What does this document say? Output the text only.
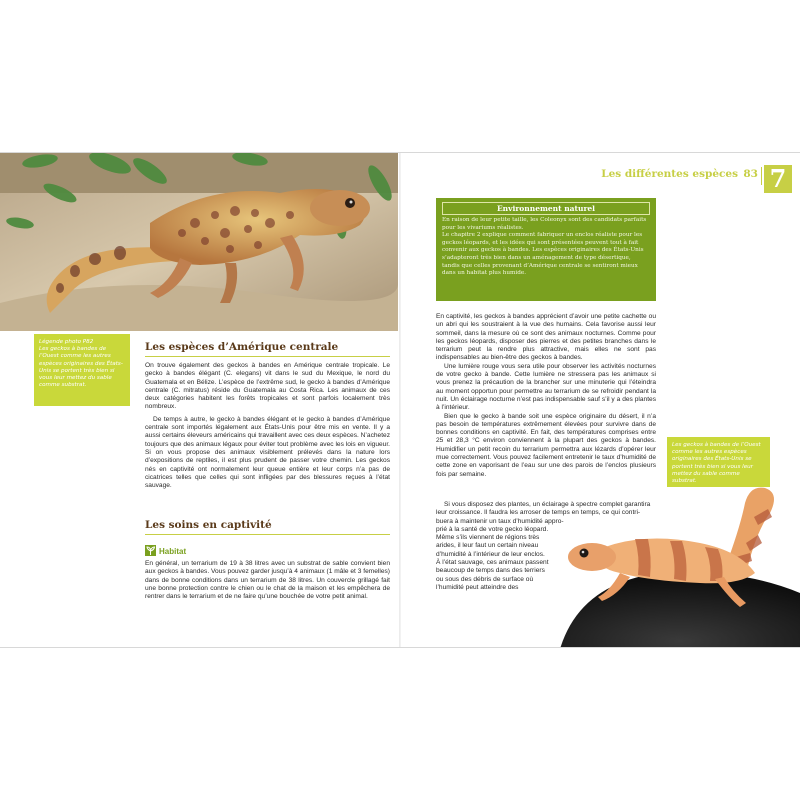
Légende photo P82
Les geckos à bandes de l’Ouest comme les autres espèces originaires des États-Unis se portent très bien si vous leur mettez du sable comme substrat.
Les espèces d’Amérique centrale

On trouve également des geckos à bandes en Amérique centrale tropicale. Le gecko à bandes élégant (C. elegans) vit dans le sud du Mexique, le nord du Guatemala et en Bélize. L’espèce de l’extrême sud, le gecko à bandes d’Amérique centrale (C. mitratus) réside du Guatemala au Costa Rica. Les animaux de ces deux catégories habitent les forêts tropicales et sont parfois localement très nombreux.

De temps à autre, le gecko à bandes élégant et le gecko à bandes d’Amérique centrale sont importés légalement aux États-Unis pour être mis en vente. Il y a aussi certains éleveurs américains qui travaillent avec ces deux espèces. N’achetez toujours que des animaux légaux pour éviter tout problème avec les lois en vigueur. Si on vous propose des animaux visiblement prélevés dans la nature lors d’expositions de reptiles, il est plus prudent de passer votre chemin. Les geckos nés en captivité ont normalement leur queue entière et leur corps n’a pas de cicatrices telles que celles qui sont infligées par des blessures reçues à l’état sauvage.

Les soins en captivité
Habitat

En général, un terrarium de 19 à 38 litres avec un substrat de sable convient bien aux geckos à bandes. Vous pouvez garder jusqu’à 4 animaux (1 mâle et 3 femelles) dans de bonne conditions dans un terrarium de 38 litres. Un couvercle grillagé fait une bonne protection contre le chien ou le chat de la maison et les empêchera de rentrer dans le terrarium et de ne faire qu’une bouchée de votre petit animal.

Les différentes espèces 83 7
Environnement naturel

En raison de leur petite taille, les Coleonyx sont des candidats parfaits pour les vivariums réalistes.

Le chapitre 2 explique comment fabriquer un enclos réaliste pour les geckos léopards, et les idées qui sont présentées peuvent tout à fait convenir aux geckos à bandes. Les espèces originaires des États-Unis s’adapteront très bien dans un aménagement de type désertique, tandis que celles provenant d’Amérique centrale se sentiront mieux dans un habitat plus humide.

En captivité, les geckos à bandes apprécient d’avoir une petite cachette ou un abri qui les soustraient à la vue des humains. Cela favorise aussi leur sommeil, dans la mesure où ce sont des animaux nocturnes. Comme pour les geckos léopards, disposer des pierres et des petites branches dans le terrarium peut la rendre plus attractive, mais elles ne sont pas indispensables au bien-être des geckos à bandes.

Une lumière rouge vous sera utile pour observer les activités nocturnes de votre gecko à bande. Cette lumière ne stressera pas les animaux si vous prenez la précaution de la brancher sur une minuterie qui l’éteindra au moment opportun pour permettre au terrarium de se refroidir pendant la nuit. Un éclairage nocturne n’est pas indispensable sauf s’il y a des plantes à l’intérieur.

Bien que le gecko à bande soit une espèce originaire du désert, il n’a pas besoin de températures extrêmement élevées pour survivre dans de bonnes conditions en captivité. En fait, des températures comprises entre 25 et 28,3 °C environ conviennent à la plupart des geckos à bandes. Humidifier un petit recoin du terrarium permettra aux lézards d’opérer leur mue correctement. Vous pouvez facilement entretenir le taux d’humidité de cette zone en vaporisant de l’eau sur une des parois de l’enclos plusieurs fois par semaine.

Les geckos à bandes de l’Ouest comme les autres espèces originaires des États-Unis se portent très bien si vous leur mettez du sable comme substrat.
Si vous disposez des plantes, un éclairage à spectre complet garantira
leur croissance. Il faudra les arroser de temps en temps, ce qui contri-
buera à maintenir un taux d’humidité appro-
prié à la santé de votre gecko léopard.
Même s’ils viennent de régions très
arides, il leur faut un certain niveau
d’humidité à l’intérieur de leur enclos.
À l’état sauvage, ces animaux passent
beaucoup de temps dans des terriers
ou sous des débris de surface où
l’humidité peut atteindre des
